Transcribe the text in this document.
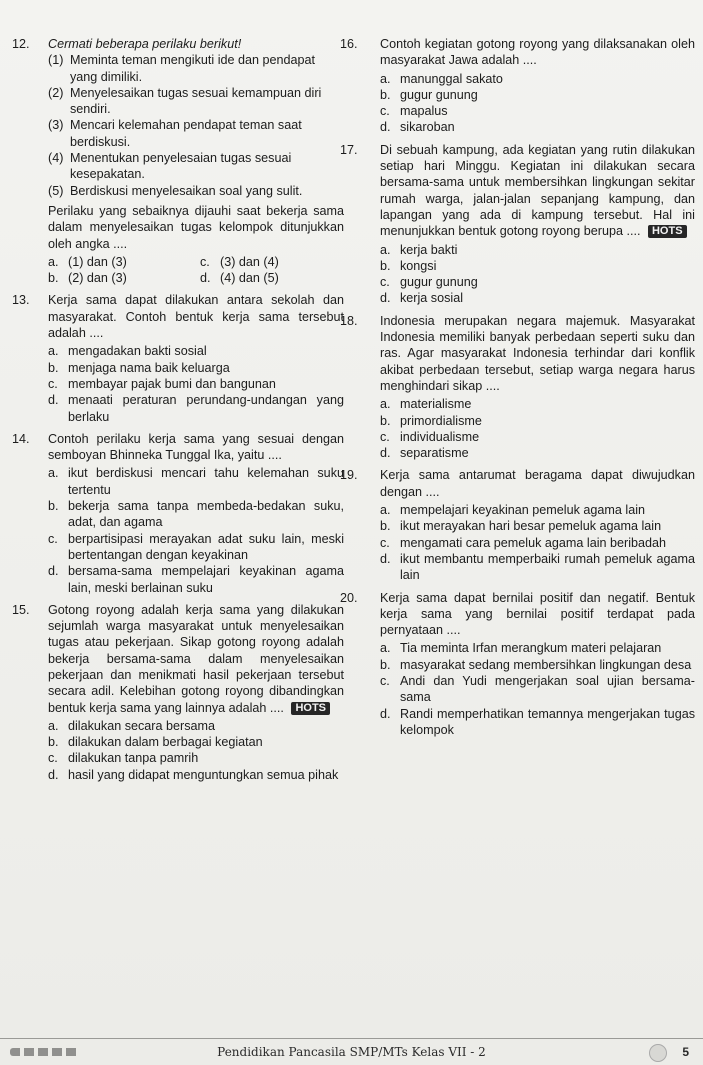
12.	Cermati beberapa perilaku berikut!
(1) Meminta teman mengikuti ide dan pendapat yang dimiliki.
(2) Menyelesaikan tugas sesuai kemampuan diri sendiri.
(3) Mencari kelemahan pendapat teman saat berdiskusi.
(4) Menentukan penyelesaian tugas sesuai kesepakatan.
(5) Berdiskusi menyelesaikan soal yang sulit.
Perilaku yang sebaiknya dijauhi saat bekerja sama dalam menyelesaikan tugas kelompok ditunjukkan oleh angka ....
a. (1) dan (3)	c. (3) dan (4)
b. (2) dan (3)	d. (4) dan (5)
13.	Kerja sama dapat dilakukan antara sekolah dan masyarakat. Contoh bentuk kerja sama tersebut adalah ....
a. mengadakan bakti sosial
b. menjaga nama baik keluarga
c. membayar pajak bumi dan bangunan
d. menaati peraturan perundang-undangan yang berlaku
14.	Contoh perilaku kerja sama yang sesuai dengan semboyan Bhinneka Tunggal Ika, yaitu ....
a. ikut berdiskusi mencari tahu kelemahan suku tertentu
b. bekerja sama tanpa membeda-bedakan suku, adat, dan agama
c. berpartisipasi merayakan adat suku lain, meski bertentangan dengan keyakinan
d. bersama-sama mempelajari keyakinan agama lain, meski berlainan suku
15.	Gotong royong adalah kerja sama yang dilakukan sejumlah warga masyarakat untuk menyelesaikan tugas atau pekerjaan. Sikap gotong royong adalah bekerja bersama-sama dalam menyelesaikan pekerjaan dan menikmati hasil pekerjaan tersebut secara adil. Kelebihan gotong royong dibandingkan bentuk kerja sama yang lainnya adalah .... HOTS
a. dilakukan secara bersama
b. dilakukan dalam berbagai kegiatan
c. dilakukan tanpa pamrih
d. hasil yang didapat menguntungkan semua pihak
16.	Contoh kegiatan gotong royong yang dilaksanakan oleh masyarakat Jawa adalah ....
a. manunggal sakato
b. gugur gunung
c. mapalus
d. sikaroban
17.	Di sebuah kampung, ada kegiatan yang rutin dilakukan setiap hari Minggu. Kegiatan ini dilakukan secara bersama-sama untuk membersihkan lingkungan sekitar rumah warga, jalan-jalan sepanjang kampung, dan lapangan yang ada di kampung tersebut. Hal ini menunjukkan bentuk gotong royong berupa .... HOTS
a. kerja bakti
b. kongsi
c. gugur gunung
d. kerja sosial
18.	Indonesia merupakan negara majemuk. Masyarakat Indonesia memiliki banyak perbedaan seperti suku dan ras. Agar masyarakat Indonesia terhindar dari konflik akibat perbedaan tersebut, setiap warga negara harus menghindari sikap ....
a. materialisme
b. primordialisme
c. individualisme
d. separatisme
19.	Kerja sama antarumat beragama dapat diwujudkan dengan ....
a. mempelajari keyakinan pemeluk agama lain
b. ikut merayakan hari besar pemeluk agama lain
c. mengamati cara pemeluk agama lain beribadah
d. ikut membantu memperbaiki rumah pemeluk agama lain
20.	Kerja sama dapat bernilai positif dan negatif. Bentuk kerja sama yang bernilai positif terdapat pada pernyataan ....
a. Tia meminta Irfan merangkum materi pelajaran
b. masyarakat sedang membersihkan lingkungan desa
c. Andi dan Yudi mengerjakan soal ujian bersama-sama
d. Randi memperhatikan temannya mengerjakan tugas kelompok
Pendidikan Pancasila SMP/MTs Kelas VII - 2	5
